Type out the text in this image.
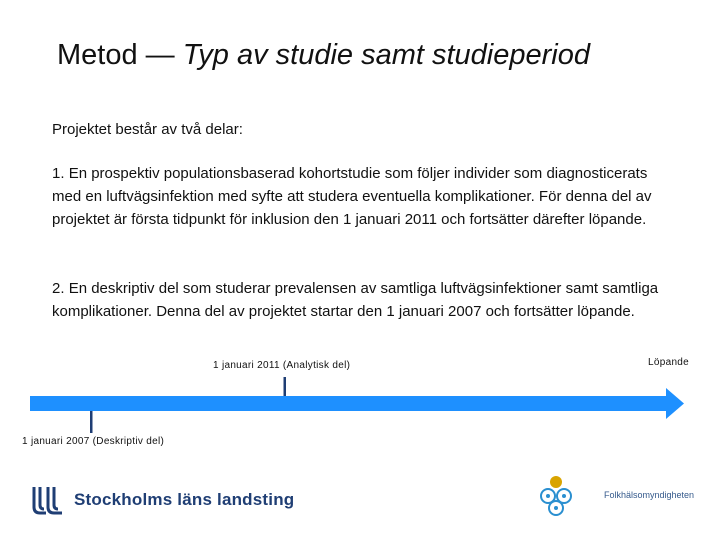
Metod — Typ av studie samt studieperiod
Projektet består av två delar:
1. En prospektiv populationsbaserad kohortstudie som följer individer som diagnosticerats med en luftvägsinfektion med syfte att studera eventuella komplikationer. För denna del av projektet är första tidpunkt för inklusion den 1 januari 2011 och fortsätter därefter löpande.
2. En deskriptiv del som studerar prevalensen av samtliga luftvägsinfektioner samt samtliga komplikationer. Denna del av projektet startar den 1 januari 2007 och fortsätter löpande.
1 januari 2011 (Analytisk del)	Löpande
1 januari 2007 (Deskriptiv del)
Stockholms läns landsting	Folkhälsomyndigheten
